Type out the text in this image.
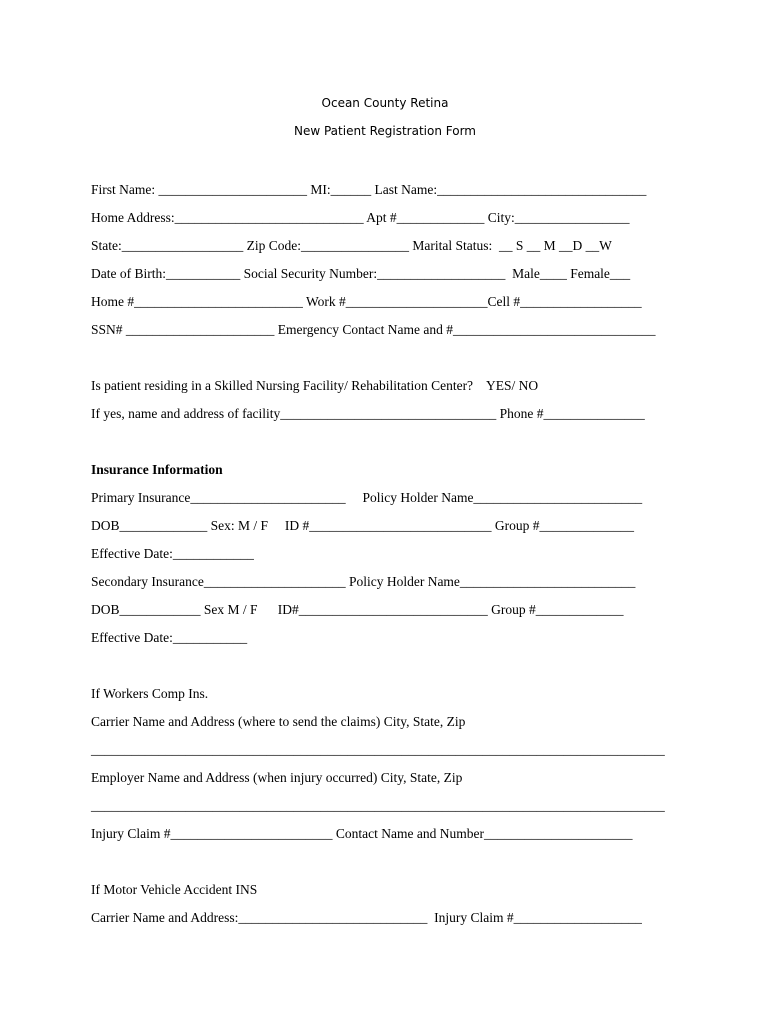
Ocean County Retina
New Patient Registration Form
First Name: ______________________ MI:______ Last Name:_______________________________
Home Address:____________________________ Apt #_____________ City:_________________
State:__________________ Zip Code:________________ Marital Status:  __ S __ M __D __W
Date of Birth:___________ Social Security Number:___________________  Male____ Female___
Home #_________________________ Work #_____________________Cell #__________________
SSN# ______________________ Emergency Contact Name and #______________________________
Is patient residing in a Skilled Nursing Facility/ Rehabilitation Center?    YES/ NO
If yes, name and address of facility________________________________ Phone #_______________
Insurance Information
Primary Insurance_______________________     Policy Holder Name_________________________
DOB_____________ Sex: M / F     ID #___________________________ Group #______________
Effective Date:____________
Secondary Insurance_____________________ Policy Holder Name__________________________
DOB____________ Sex M / F      ID#____________________________ Group #_____________
Effective Date:___________
If Workers Comp Ins.
Carrier Name and Address (where to send the claims) City, State, Zip
_____________________________________________________________________________________
Employer Name and Address (when injury occurred) City, State, Zip
_____________________________________________________________________________________
Injury Claim #________________________ Contact Name and Number______________________
If Motor Vehicle Accident INS
Carrier Name and Address:____________________________  Injury Claim #___________________
